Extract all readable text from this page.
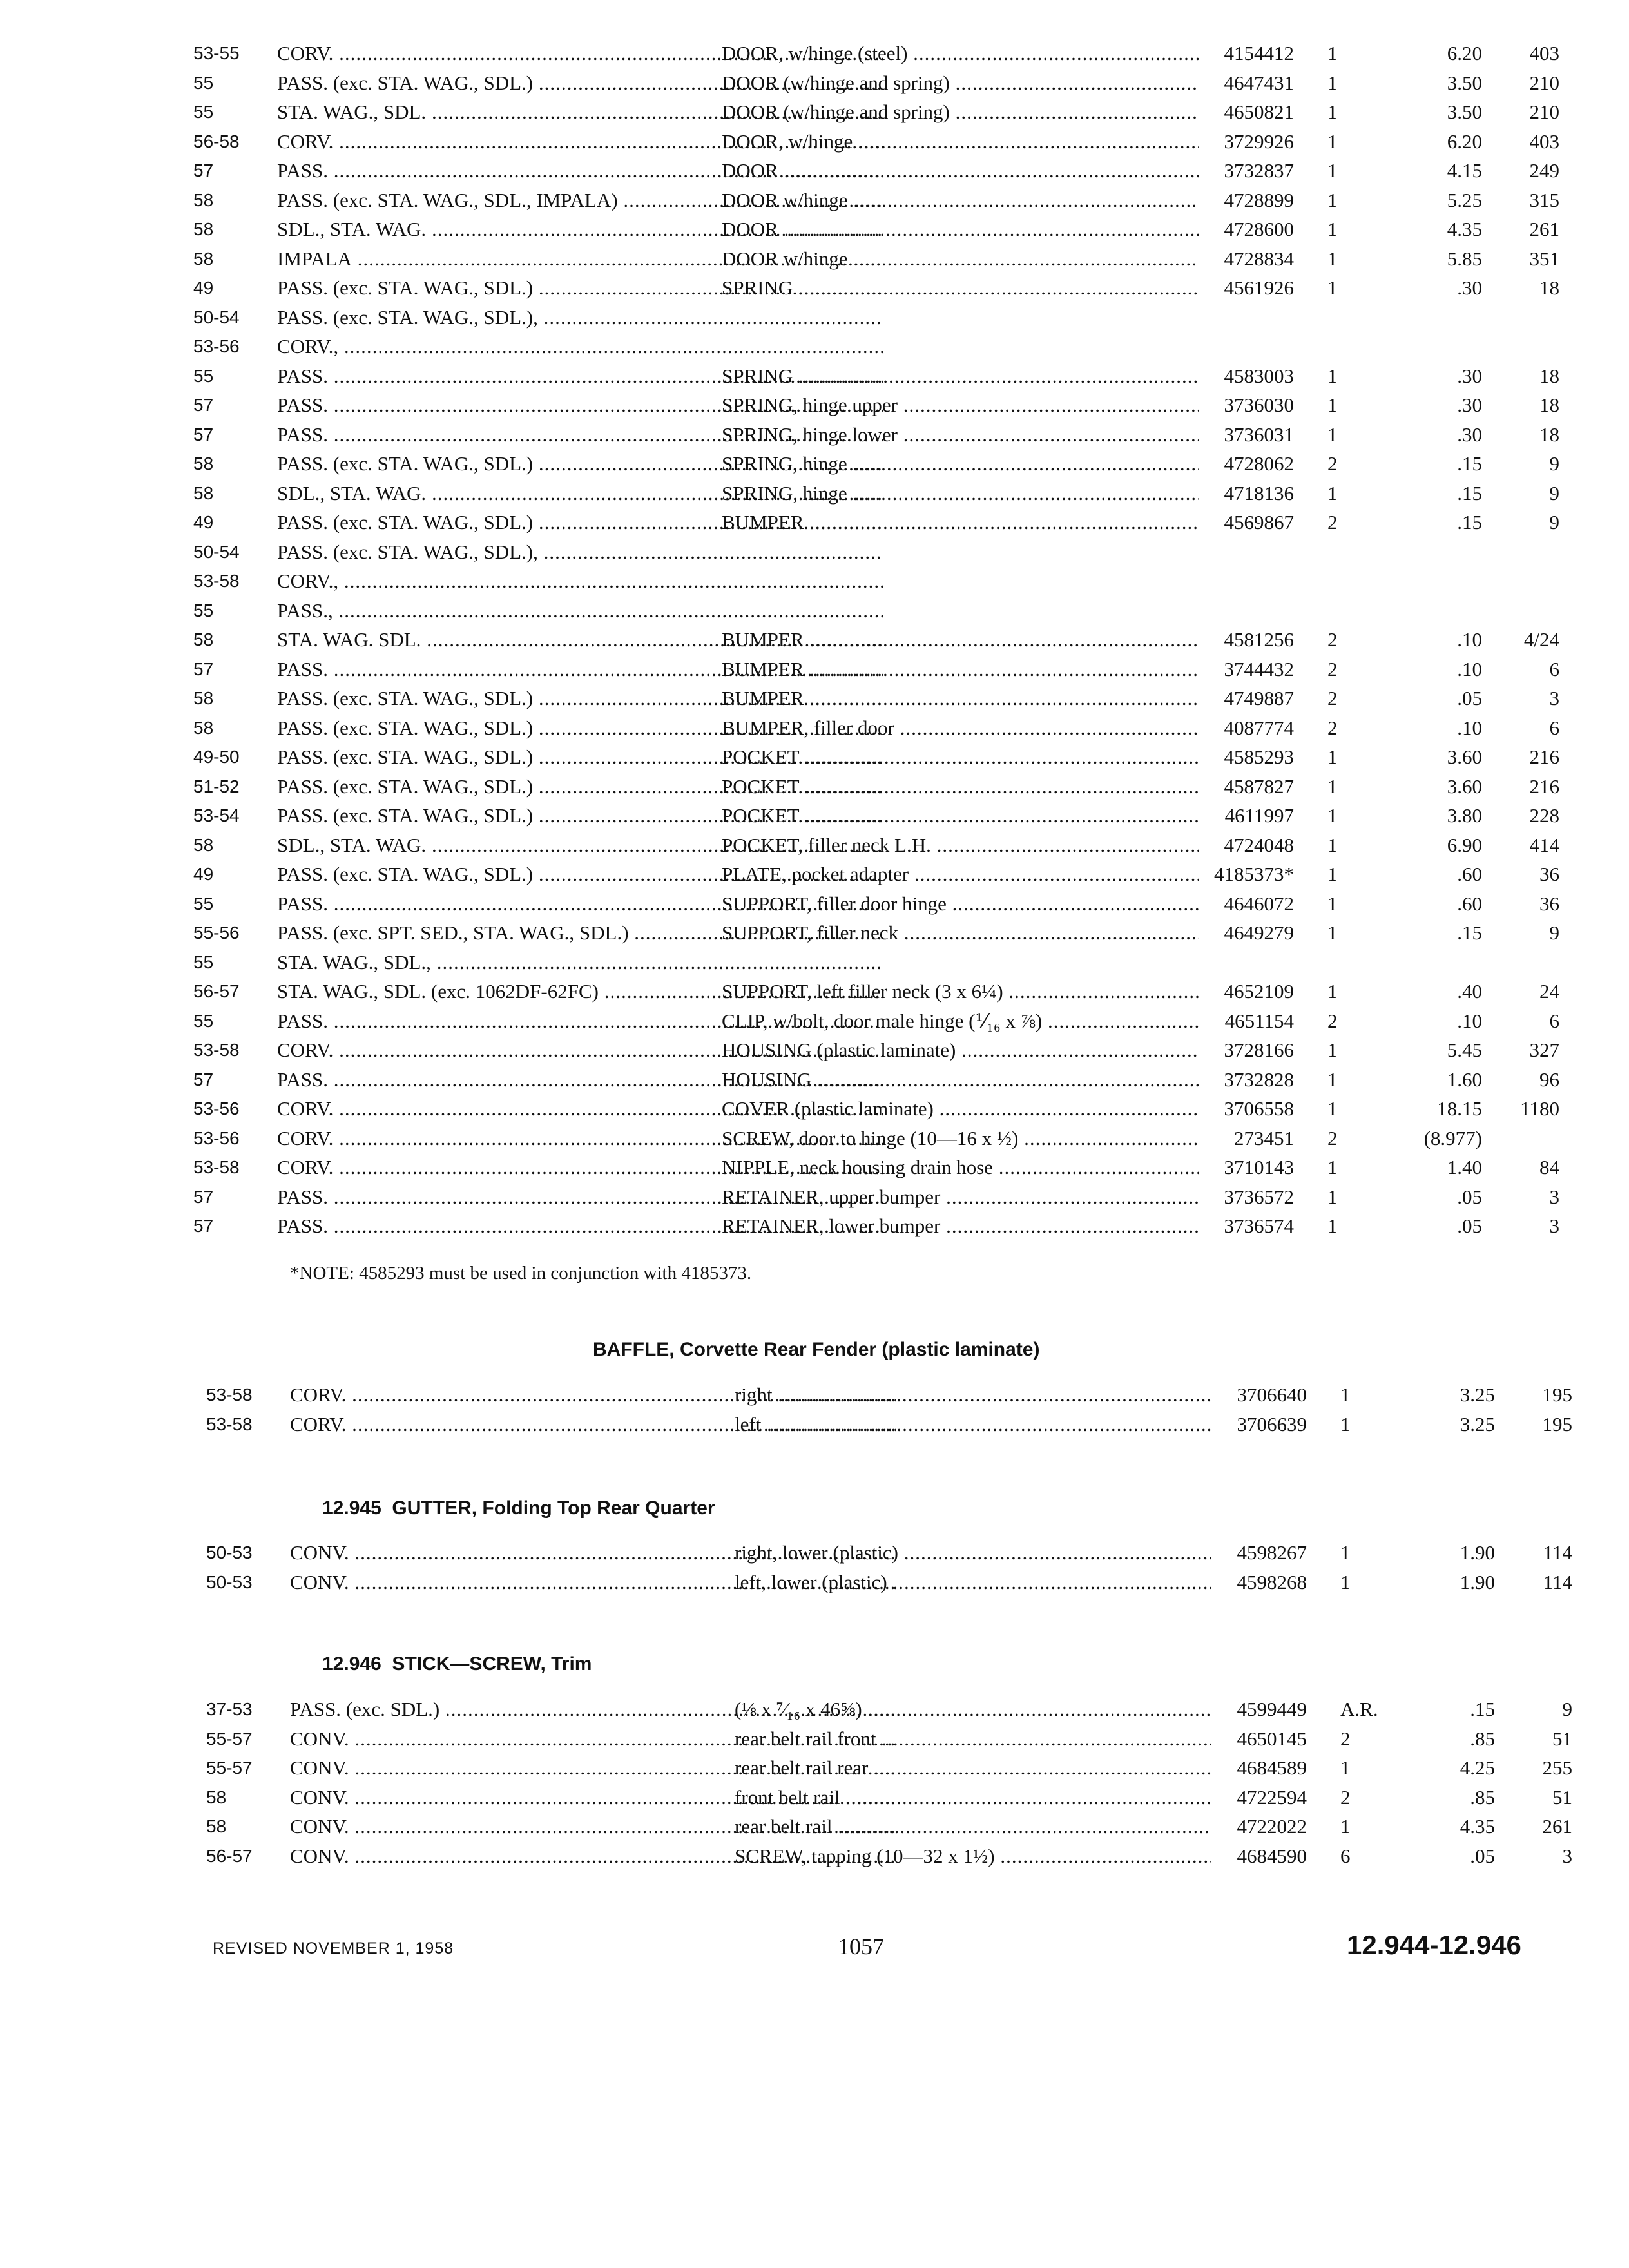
53-55	CORV. .....	DOOR, w/hinge (steel) .....	4154412 1	6.20	403
55	PASS. (exc. STA. WAG., SDL.) .....	DOOR (w/hinge and spring) .....	4647431 1	3.50	210
55	STA. WAG., SDL. .....	DOOR (w/hinge and spring) .....	4650821 1	3.50	210
56-58	CORV. .....	DOOR, w/hinge .....	3729926 1	6.20	403
57	PASS. .....	DOOR .....	3732837 1	4.15	249
58	PASS. (exc. STA. WAG., SDL., IMPALA) .....	DOOR w/hinge .....	4728899 1	5.25	315
58	SDL., STA. WAG. .....	DOOR .....	4728600 1	4.35	261
58	IMPALA .....	DOOR w/hinge .....	4728834 1	5.85	351
49	PASS. (exc. STA. WAG., SDL.) .....	SPRING .....	4561926 1	.30	18
50-54	PASS. (exc. STA. WAG., SDL.), .....
53-56	CORV., .....
55	PASS. .....	SPRING .....	4583003 1	.30	18
57	PASS. .....	SPRING, hinge upper .....	3736030 1	.30	18
57	PASS. .....	SPRING, hinge lower .....	3736031 1	.30	18
58	PASS. (exc. STA. WAG., SDL.) .....	SPRING, hinge .....	4728062 2	.15	9
58	SDL., STA. WAG. .....	SPRING, hinge .....	4718136 1	.15	9
49	PASS. (exc. STA. WAG., SDL.) .....	BUMPER .....	4569867 2	.15	9
50-54	PASS. (exc. STA. WAG., SDL.), .....
53-58	CORV., .....
55	PASS., .....
58	STA. WAG. SDL. .....	BUMPER .....	4581256 2	.10	4/24
57	PASS. .....	BUMPER .....	3744432 2	.10	6
58	PASS. (exc. STA. WAG., SDL.) .....	BUMPER .....	4749887 2	.05	3
58	PASS. (exc. STA. WAG., SDL.) .....	BUMPER, filler door .....	4087774 2	.10	6
49-50	PASS. (exc. STA. WAG., SDL.) .....	POCKET .....	4585293 1	3.60	216
51-52	PASS. (exc. STA. WAG., SDL.) .....	POCKET .....	4587827 1	3.60	216
53-54	PASS. (exc. STA. WAG., SDL.) .....	POCKET .....	4611997 1	3.80	228
58	SDL., STA. WAG. .....	POCKET, filler neck L.H. .....	4724048 1	6.90	414
49	PASS. (exc. STA. WAG., SDL.) .....	PLATE, pocket adapter .....	4185373* 1	.60	36
55	PASS. .....	SUPPORT, filler door hinge .....	4646072 1	.60	36
55-56	PASS. (exc. SPT. SED., STA. WAG., SDL.) .....	SUPPORT, filler neck .....	4649279 1	.15	9
55	STA. WAG., SDL., .....
56-57	STA. WAG., SDL. (exc. 1062DF-62FC) .....	SUPPORT, left filler neck (3 x 6¼) .....	4652109 1	.40	24
55	PASS. .....	CLIP, w/bolt, door male hinge (⅟₁₆ x ⅞) .....	4651154 2	.10	6
53-58	CORV. .....	HOUSING (plastic laminate) .....	3728166 1	5.45	327
57	PASS. .....	HOUSING .....	3732828 1	1.60	96
53-56	CORV. .....	COVER (plastic laminate) .....	3706558 1	18.15	1180
53-56	CORV. .....	SCREW, door to hinge (10—16 x ½) .....	273451 2	(8.977)
53-58	CORV. .....	NIPPLE, neck housing drain hose .....	3710143 1	1.40	84
57	PASS. .....	RETAINER, upper bumper .....	3736572 1	.05	3
57	PASS. .....	RETAINER, lower bumper .....	3736574 1	.05	3
*NOTE: 4585293 must be used in conjunction with 4185373.
BAFFLE, Corvette Rear Fender (plastic laminate)
53-58	CORV. .....	right .....	3706640 1	3.25	195
53-58	CORV. .....	left .....	3706639 1	3.25	195
12.945  GUTTER, Folding Top Rear Quarter
50-53	CONV. .....	right, lower (plastic) .....	4598267 1	1.90	114
50-53	CONV. .....	left, lower (plastic) .....	4598268 1	1.90	114
12.946  STICK—SCREW, Trim
37-53	PASS. (exc. SDL.) .....	(⅛ x ⁷⁄₁₆ x 46⅝) .....	4599449 A.R.	.15	9
55-57	CONV. .....	rear belt rail front .....	4650145 2	.85	51
55-57	CONV. .....	rear belt rail rear .....	4684589 1	4.25	255
58	CONV. .....	front belt rail .....	4722594 2	.85	51
58	CONV. .....	rear belt rail .....	4722022 1	4.35	261
56-57	CONV. .....	SCREW, tapping (10—32 x 1½) .....	4684590 6	.05	3
REVISED NOVEMBER 1, 1958	1057	12.944-12.946
